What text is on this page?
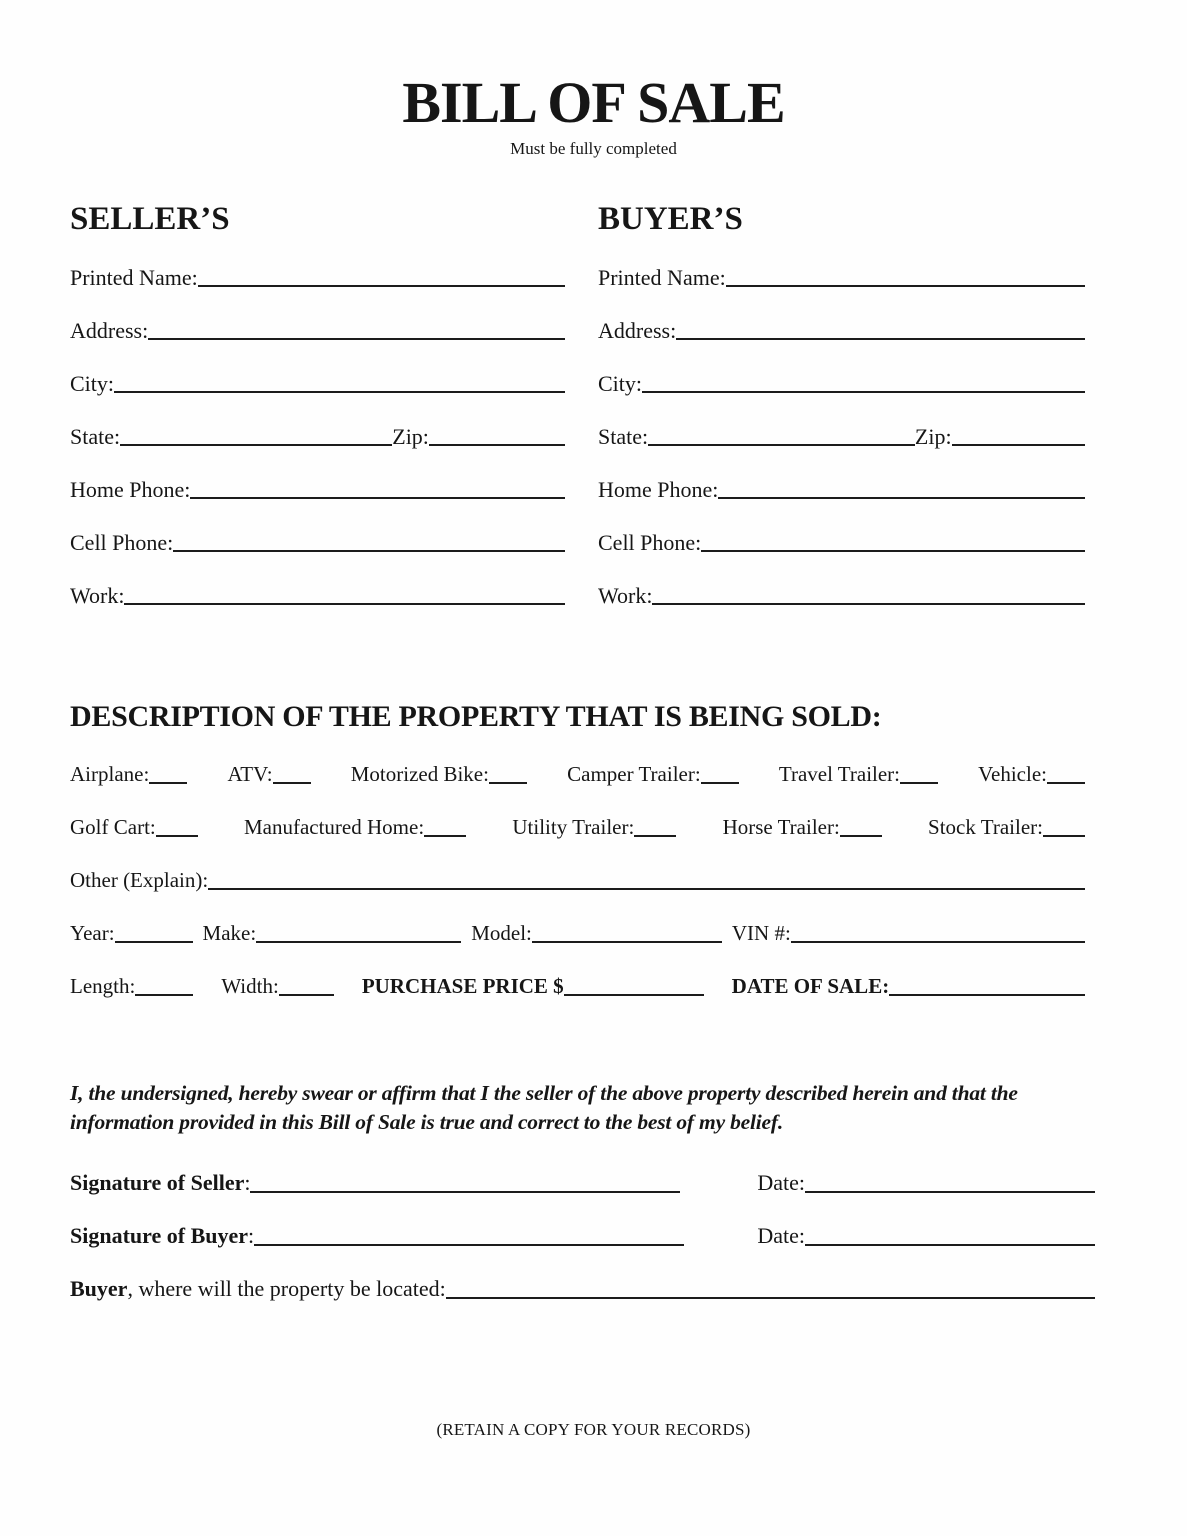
BILL OF SALE
Must be fully completed
SELLER’S
Printed Name:
Address:
City:
State:	Zip:
Home Phone:
Cell Phone:
Work:
BUYER’S
Printed Name:
Address:
City:
State:	Zip:
Home Phone:
Cell Phone:
Work:
DESCRIPTION OF THE PROPERTY THAT IS BEING SOLD:
Airplane:	ATV:	Motorized Bike:	Camper Trailer:	Travel Trailer:	Vehicle:
Golf Cart:	Manufactured Home:	Utility Trailer:	Horse Trailer:	Stock Trailer:
Other (Explain):
Year:	Make:	Model:	VIN #:
Length:	Width:	PURCHASE PRICE $	DATE OF SALE:

I, the undersigned, hereby swear or affirm that I the seller of the above property described herein and that the information provided in this Bill of Sale is true and correct to the best of my belief.

Signature of Seller :	Date:
Signature of Buyer :	Date:
Buyer , where will the property be located:
(RETAIN A COPY FOR YOUR RECORDS)
